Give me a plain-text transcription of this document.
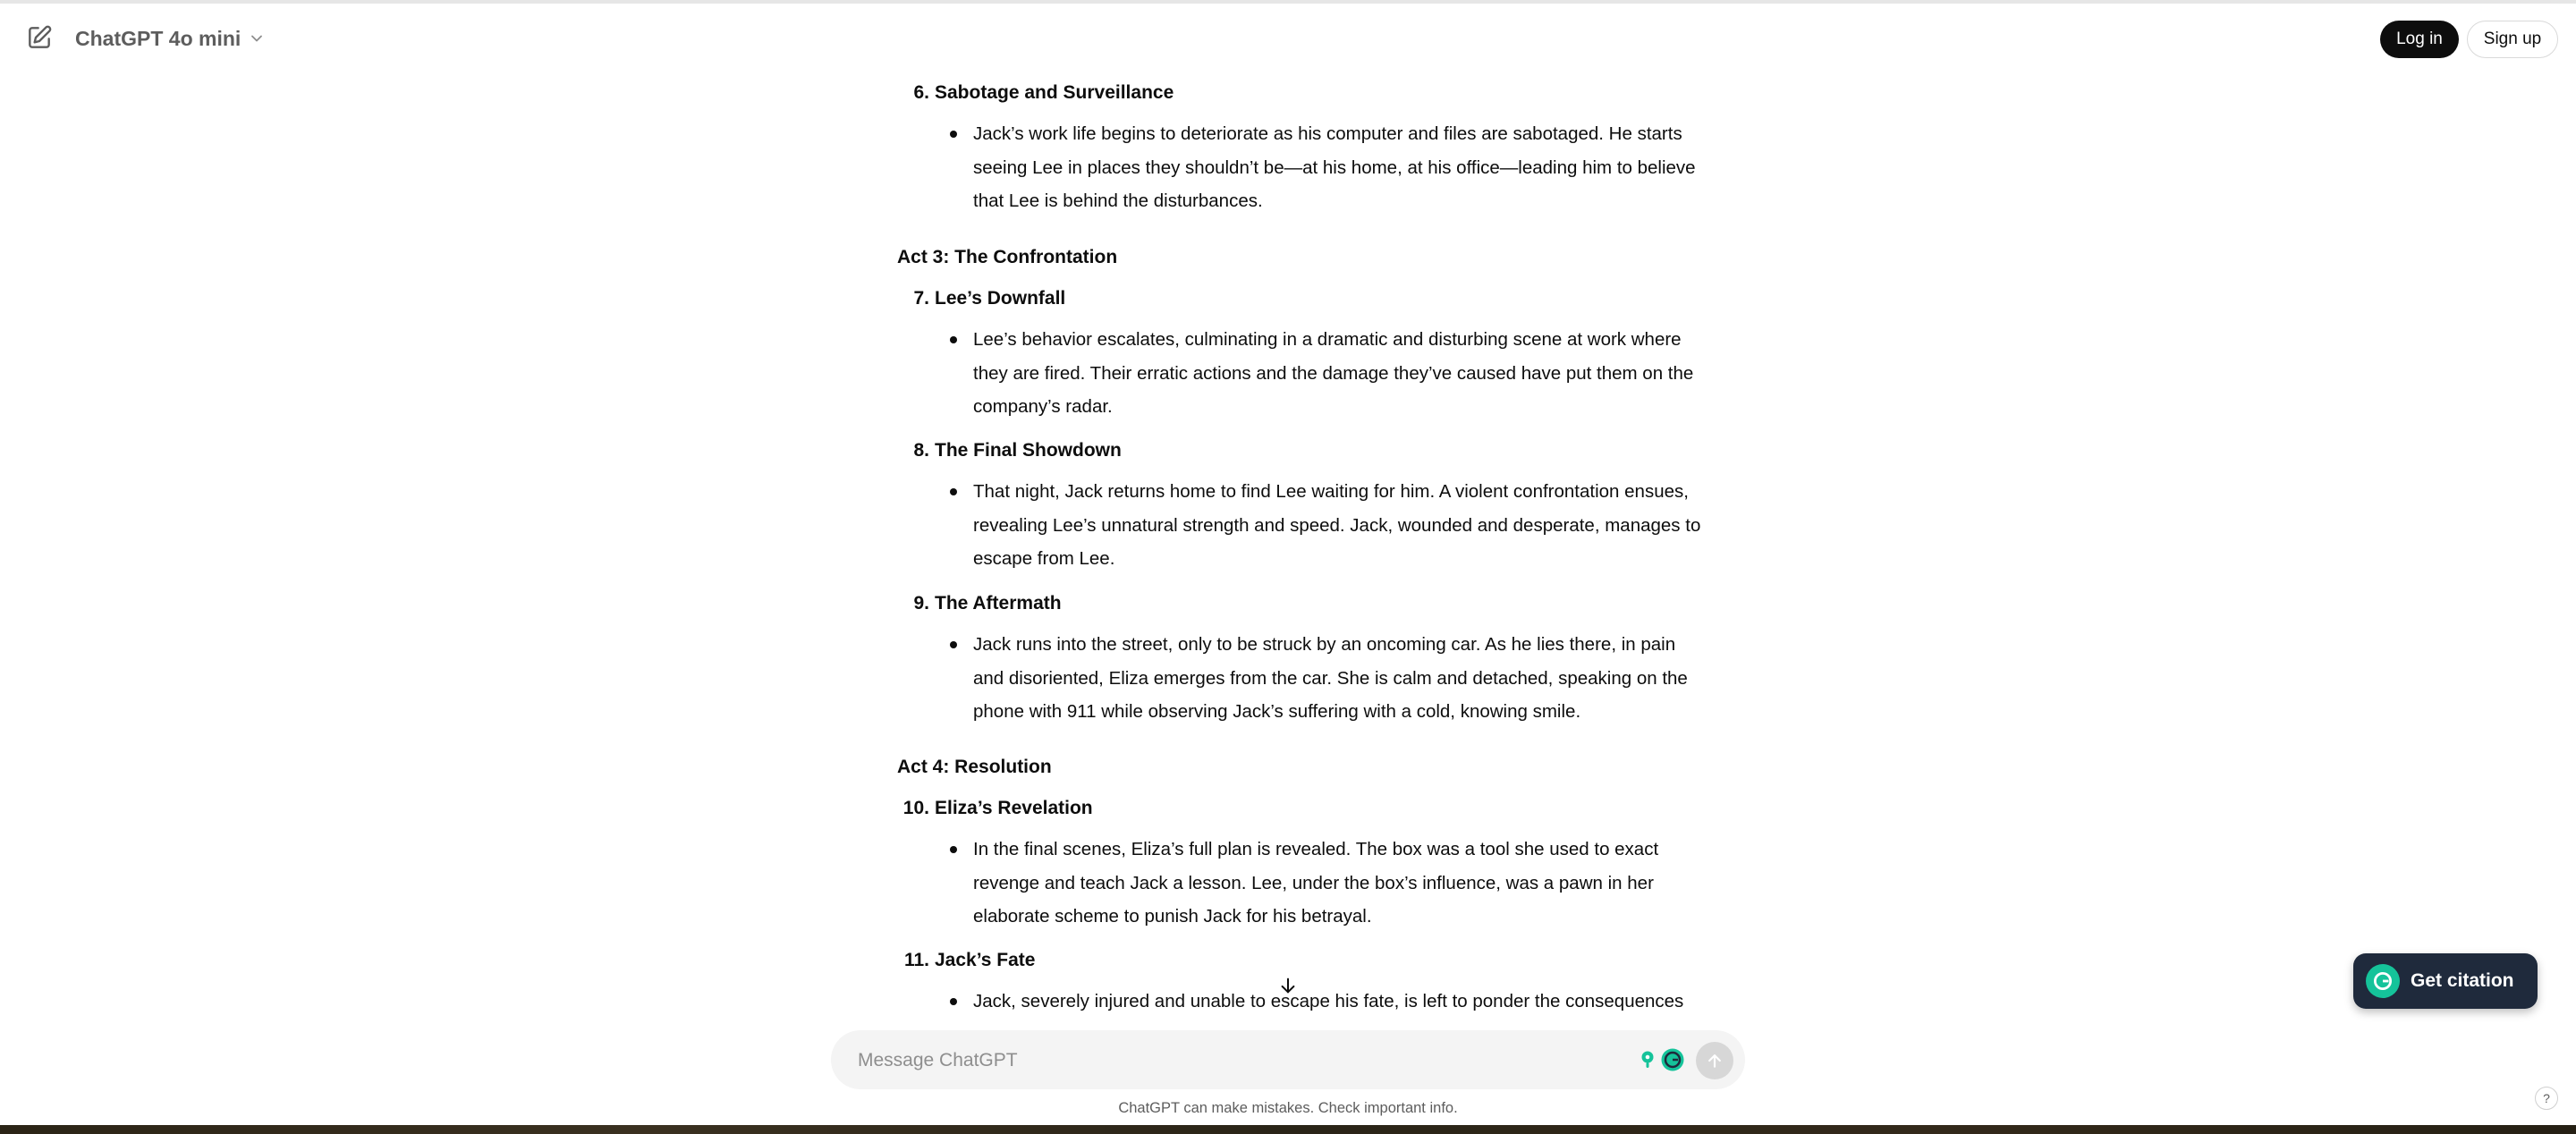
ChatGPT 4o mini	Log in	Sign up
6. Sabotage and Surveillance
Jack’s work life begins to deteriorate as his computer and files are sabotaged. He starts
seeing Lee in places they shouldn’t be—at his home, at his office—leading him to believe
that Lee is behind the disturbances.
Act 3: The Confrontation
7. Lee’s Downfall
Lee’s behavior escalates, culminating in a dramatic and disturbing scene at work where
they are fired. Their erratic actions and the damage they’ve caused have put them on the
company’s radar.
8. The Final Showdown
That night, Jack returns home to find Lee waiting for him. A violent confrontation ensues,
revealing Lee’s unnatural strength and speed. Jack, wounded and desperate, manages to
escape from Lee.
9. The Aftermath
Jack runs into the street, only to be struck by an oncoming car. As he lies there, in pain
and disoriented, Eliza emerges from the car. She is calm and detached, speaking on the
phone with 911 while observing Jack’s suffering with a cold, knowing smile.
Act 4: Resolution
10. Eliza’s Revelation
In the final scenes, Eliza’s full plan is revealed. The box was a tool she used to exact
revenge and teach Jack a lesson. Lee, under the box’s influence, was a pawn in her
elaborate scheme to punish Jack for his betrayal.
11. Jack’s Fate
Jack, severely injured and unable to escape his fate, is left to ponder the consequences
Message ChatGPT
ChatGPT can make mistakes. Check important info.
?
Get citation
